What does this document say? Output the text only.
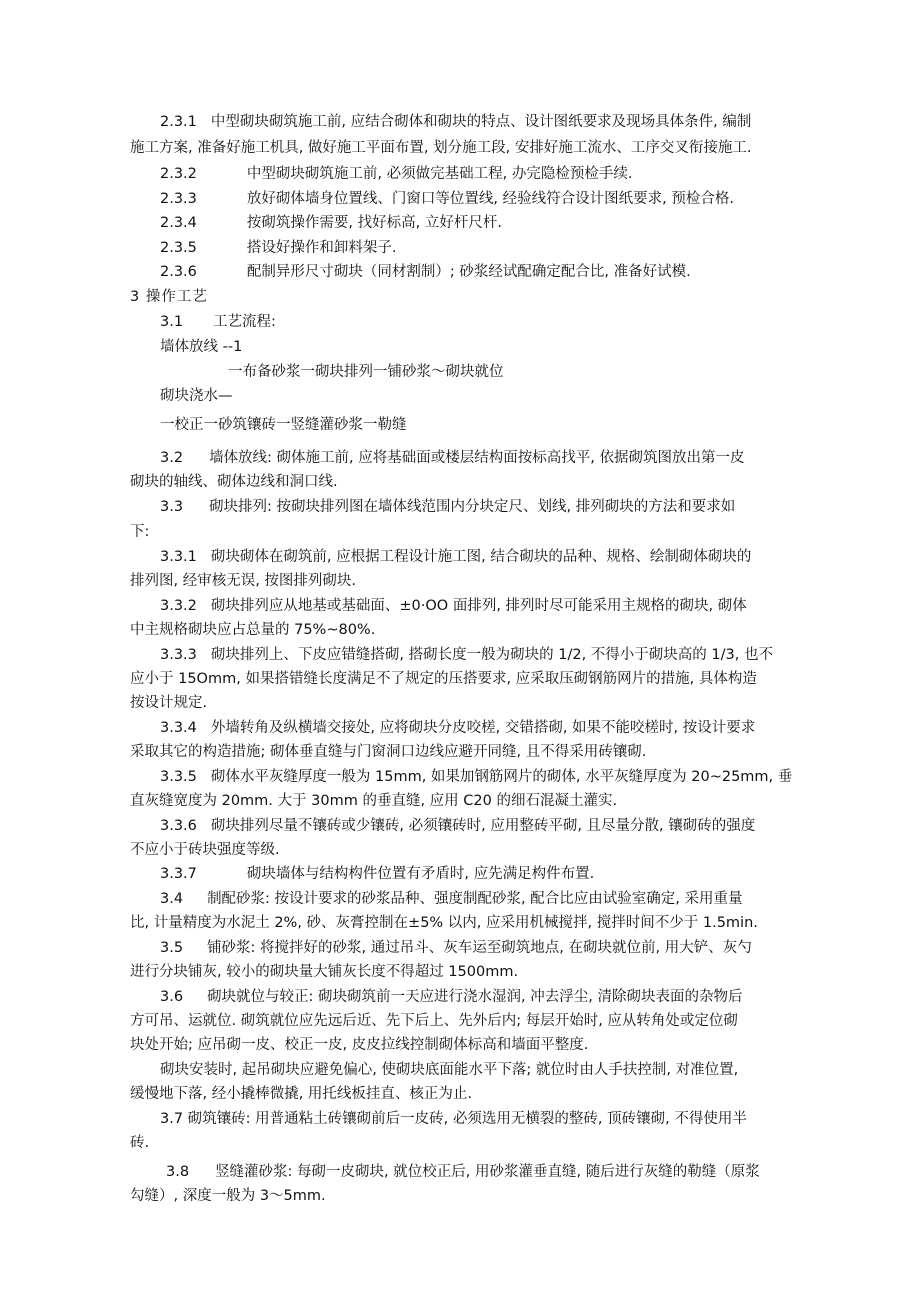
2.3.1 中型砌块砌筑施工前, 应结合砌体和砌块的特点、设计图纸要求及现场具体条件, 编制
施工方案, 准备好施工机具, 做好施工平面布置, 划分施工段, 安排好施工流水、工序交叉衔接施工.
2.3.2	中型砌块砌筑施工前, 必须做完基础工程, 办完隐检预检手续.
2.3.3	放好砌体墙身位置线、门窗口等位置线, 经验线符合设计图纸要求, 预检合格.
2.3.4	按砌筑操作需要, 找好标高, 立好杆尺杆.
2.3.5	搭设好操作和卸料架子.
2.3.6	配制异形尺寸砌块（同材割制）; 砂浆经试配确定配合比, 准备好试模.
3 操作工艺
3.1 工艺流程:
墙体放线 --1
一布备砂浆一砌块排列一铺砂浆～砌块就位
砌块浇水—
一校正一砂筑镶砖一竖缝灌砂浆一勒缝
3.2 墙体放线: 砌体施工前, 应将基础面或楼层结构面按标高找平, 依据砌筑图放出第一皮
砌块的轴线、砌体边线和洞口线.
3.3 砌块排列: 按砌块排列图在墙体线范围内分块定尺、划线, 排列砌块的方法和要求如
下:
3.3.1 砌块砌体在砌筑前, 应根据工程设计施工图, 结合砌块的品种、规格、绘制砌体砌块的
排列图, 经审核无误, 按图排列砌块.
3.3.2 砌块排列应从地基或基础面、±0·OO 面排列, 排列时尽可能采用主规格的砌块, 砌体
中主规格砌块应占总量的 75%~80%.
3.3.3 砌块排列上、下皮应错缝搭砌, 搭砌长度一般为砌块的 1/2, 不得小于砌块高的 1/3, 也不
应小于 15Omm, 如果搭错缝长度满足不了规定的压搭要求, 应采取压砌钢筋网片的措施, 具体构造
按设计规定.
3.3.4 外墙转角及纵横墙交接处, 应将砌块分皮咬槎, 交错搭砌, 如果不能咬槎时, 按设计要求
采取其它的构造措施; 砌体垂直缝与门窗洞口边线应避开同缝, 且不得采用砖镶砌.
3.3.5 砌体水平灰缝厚度一般为 15mm, 如果加钢筋网片的砌体, 水平灰缝厚度为 20~25mm, 垂
直灰缝宽度为 20mm. 大于 30mm 的垂直缝, 应用 C20 的细石混凝土灌实.
3.3.6 砌块排列尽量不镶砖或少镶砖, 必须镶砖时, 应用整砖平砌, 且尽量分散, 镶砌砖的强度
不应小于砖块强度等级.
3.3.7	砌块墙体与结构构件位置有矛盾时, 应先满足构件布置.
3.4 制配砂浆: 按设计要求的砂浆品种、强度制配砂浆, 配合比应由试验室确定, 采用重量
比, 计量精度为水泥土 2%, 砂、灰膏控制在±5% 以内, 应采用机械搅拌, 搅拌时间不少于 1.5min.
3.5 铺砂浆: 将搅拌好的砂浆, 通过吊斗、灰车运至砌筑地点, 在砌块就位前, 用大铲、灰勺
进行分块铺灰, 较小的砌块量大铺灰长度不得超过 1500mm.
3.6 砌块就位与较正: 砌块砌筑前一天应进行浇水湿润, 冲去浮尘, 清除砌块表面的杂物后
方可吊、运就位. 砌筑就位应先远后近、先下后上、先外后内; 每层开始时, 应从转角处或定位砌
块处开始; 应吊砌一皮、校正一皮, 皮皮拉线控制砌体标高和墙面平整度.
砌块安装时, 起吊砌块应避免偏心, 使砌块底面能水平下落; 就位时由人手扶控制, 对准位置,
缓慢地下落, 经小撬棒微撬, 用托线板挂直、核正为止.
3.7 砌筑镶砖: 用普通粘土砖镶砌前后一皮砖, 必须选用无横裂的整砖, 顶砖镶砌, 不得使用半
砖.
3.8 竖缝灌砂浆: 每砌一皮砌块, 就位校正后, 用砂浆灌垂直缝, 随后进行灰缝的勒缝（原浆
勾缝）, 深度一般为 3～5mm.
